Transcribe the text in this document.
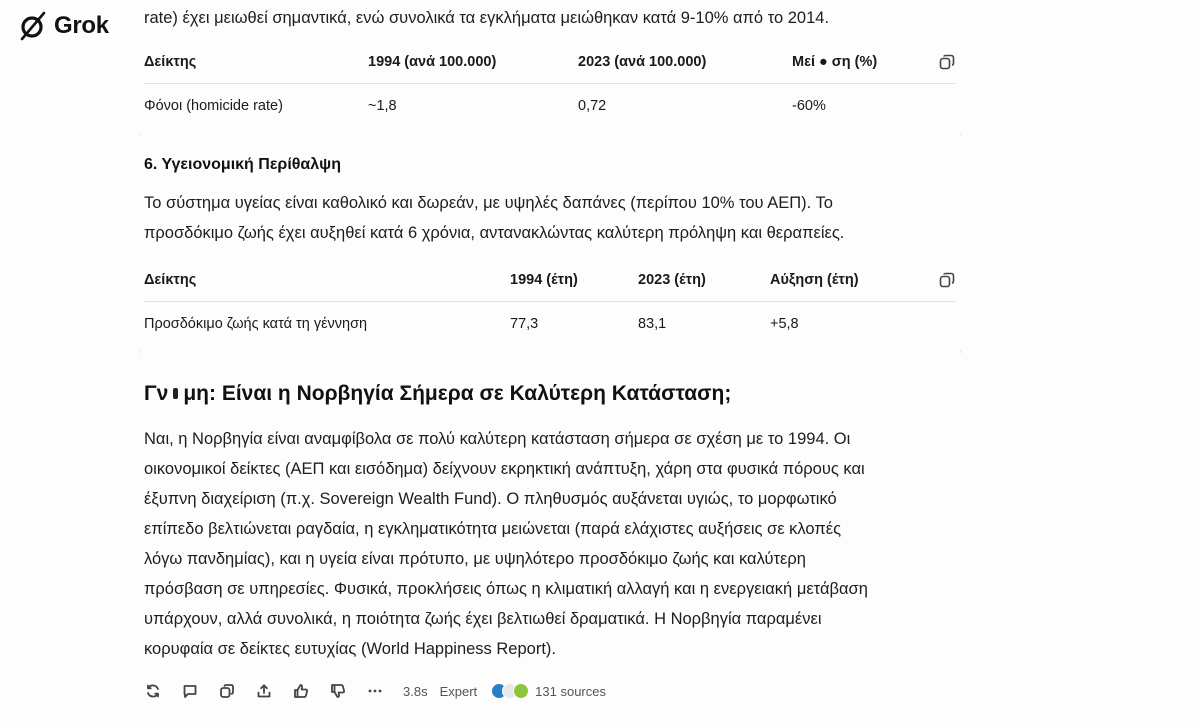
Grok rate) έχει μειωθεί σημαντικά, ενώ συνολικά τα εγκλήματα μειώθηκαν κατά 9-10% από το 2014.
Δείκτης	1994 (ανά 100.000)	2023 (ανά 100.000)	Μεί ● ση (%)
Φόνοι (homicide rate)	~1,8	0,72	-60%
‹	›
6. Υγειονομική Περίθαλψη
Το σύστημα υγείας είναι καθολικό και δωρεάν, με υψηλές δαπάνες (περίπου 10% του ΑΕΠ). Το
προσδόκιμο ζωής έχει αυξηθεί κατά 6 χρόνια, αντανακλώντας καλύτερη πρόληψη και θεραπείες.
Δείκτης	1994 (έτη)	2023 (έτη)	Αύξηση (έτη)
Προσδόκιμο ζωής κατά τη γέννηση	77,3	83,1	+5,8
‹	›
Γν μη: Είναι η Νορβηγία Σήμερα σε Καλύτερη Κατάσταση;
Ναι, η Νορβηγία είναι αναμφίβολα σε πολύ καλύτερη κατάσταση σήμερα σε σχέση με το 1994. Οι
οικονομικοί δείκτες (ΑΕΠ και εισόδημα) δείχνουν εκρηκτική ανάπτυξη, χάρη στα φυσικά πόρους και
έξυπνη διαχείριση (π.χ. Sovereign Wealth Fund). Ο πληθυσμός αυξάνεται υγιώς, το μορφωτικό
επίπεδο βελτιώνεται ραγδαία, η εγκληματικότητα μειώνεται (παρά ελάχιστες αυξήσεις σε κλοπές
λόγω πανδημίας), και η υγεία είναι πρότυπο, με υψηλότερο προσδόκιμο ζωής και καλύτερη
πρόσβαση σε υπηρεσίες. Φυσικά, προκλήσεις όπως η κλιματική αλλαγή και η ενεργειακή μετάβαση
υπάρχουν, αλλά συνολικά, η ποιότητα ζωής έχει βελτιωθεί δραματικά. Η Νορβηγία παραμένει
κορυφαία σε δείκτες ευτυχίας (World Happiness Report).
3.8s Expert	131 sources
